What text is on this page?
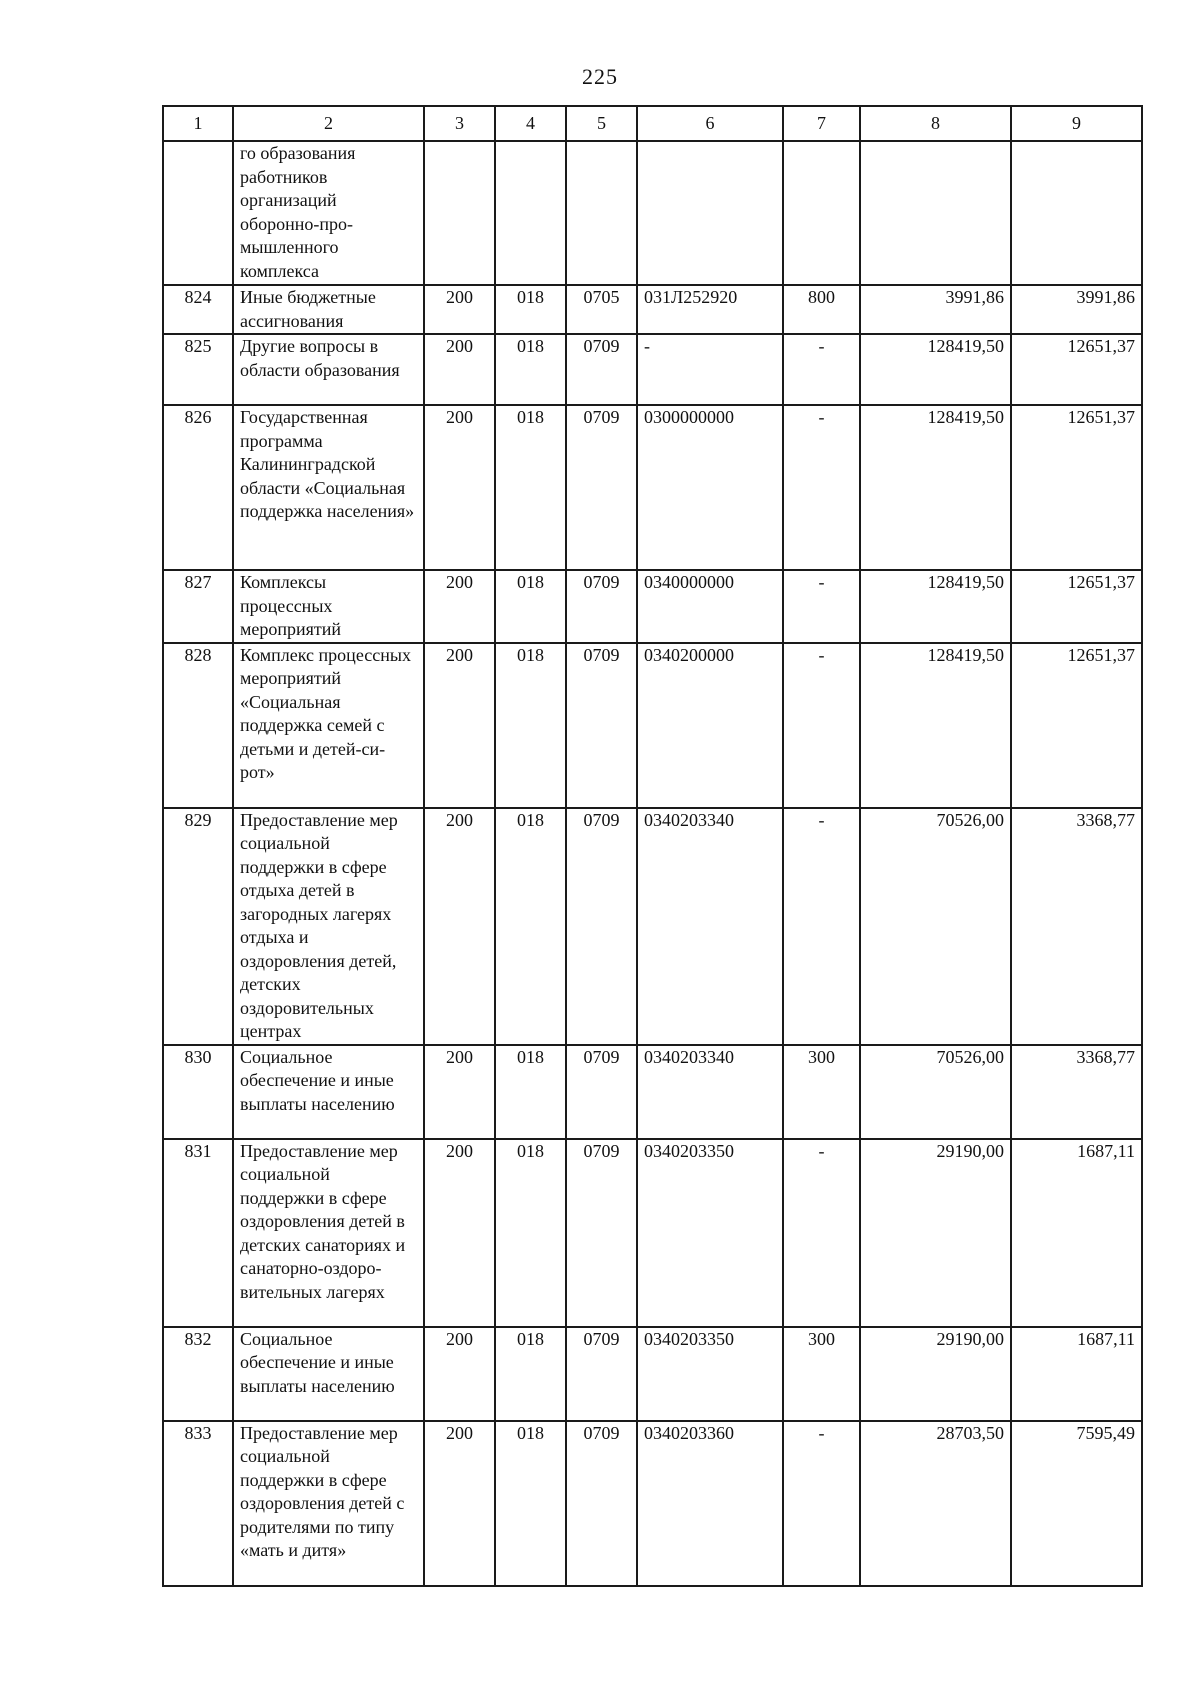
225
1	2	3	4	5	6	7	8	9
	го образования работников организаций оборонно-про- мышленного комплекса							
824	Иные бюджетные ассигнования	200	018	0705	031Л252920	800	3991,86	3991,86
825	Другие вопросы в области образования	200	018	0709	-	-	128419,50	12651,37
826	Государственная программа Калининградской области «Социальная поддержка населения»	200	018	0709	0300000000	-	128419,50	12651,37
827	Комплексы процессных мероприятий	200	018	0709	0340000000	-	128419,50	12651,37
828	Комплекс процессных мероприятий «Социальная поддержка семей с детьми и детей-си- рот»	200	018	0709	0340200000	-	128419,50	12651,37
829	Предоставление мер социальной поддержки в сфере отдыха детей в загородных лагерях отдыха и оздоровления детей, детских оздоровительных центрах	200	018	0709	0340203340	-	70526,00	3368,77
830	Социальное обеспечение и иные выплаты населению	200	018	0709	0340203340	300	70526,00	3368,77
831	Предоставление мер социальной поддержки в сфере оздоровления детей в детских санаториях и санаторно-оздоро- вительных лагерях	200	018	0709	0340203350	-	29190,00	1687,11
832	Социальное обеспечение и иные выплаты населению	200	018	0709	0340203350	300	29190,00	1687,11
833	Предоставление мер социальной поддержки в сфере оздоровления детей с родителями по типу «мать и дитя»	200	018	0709	0340203360	-	28703,50	7595,49
